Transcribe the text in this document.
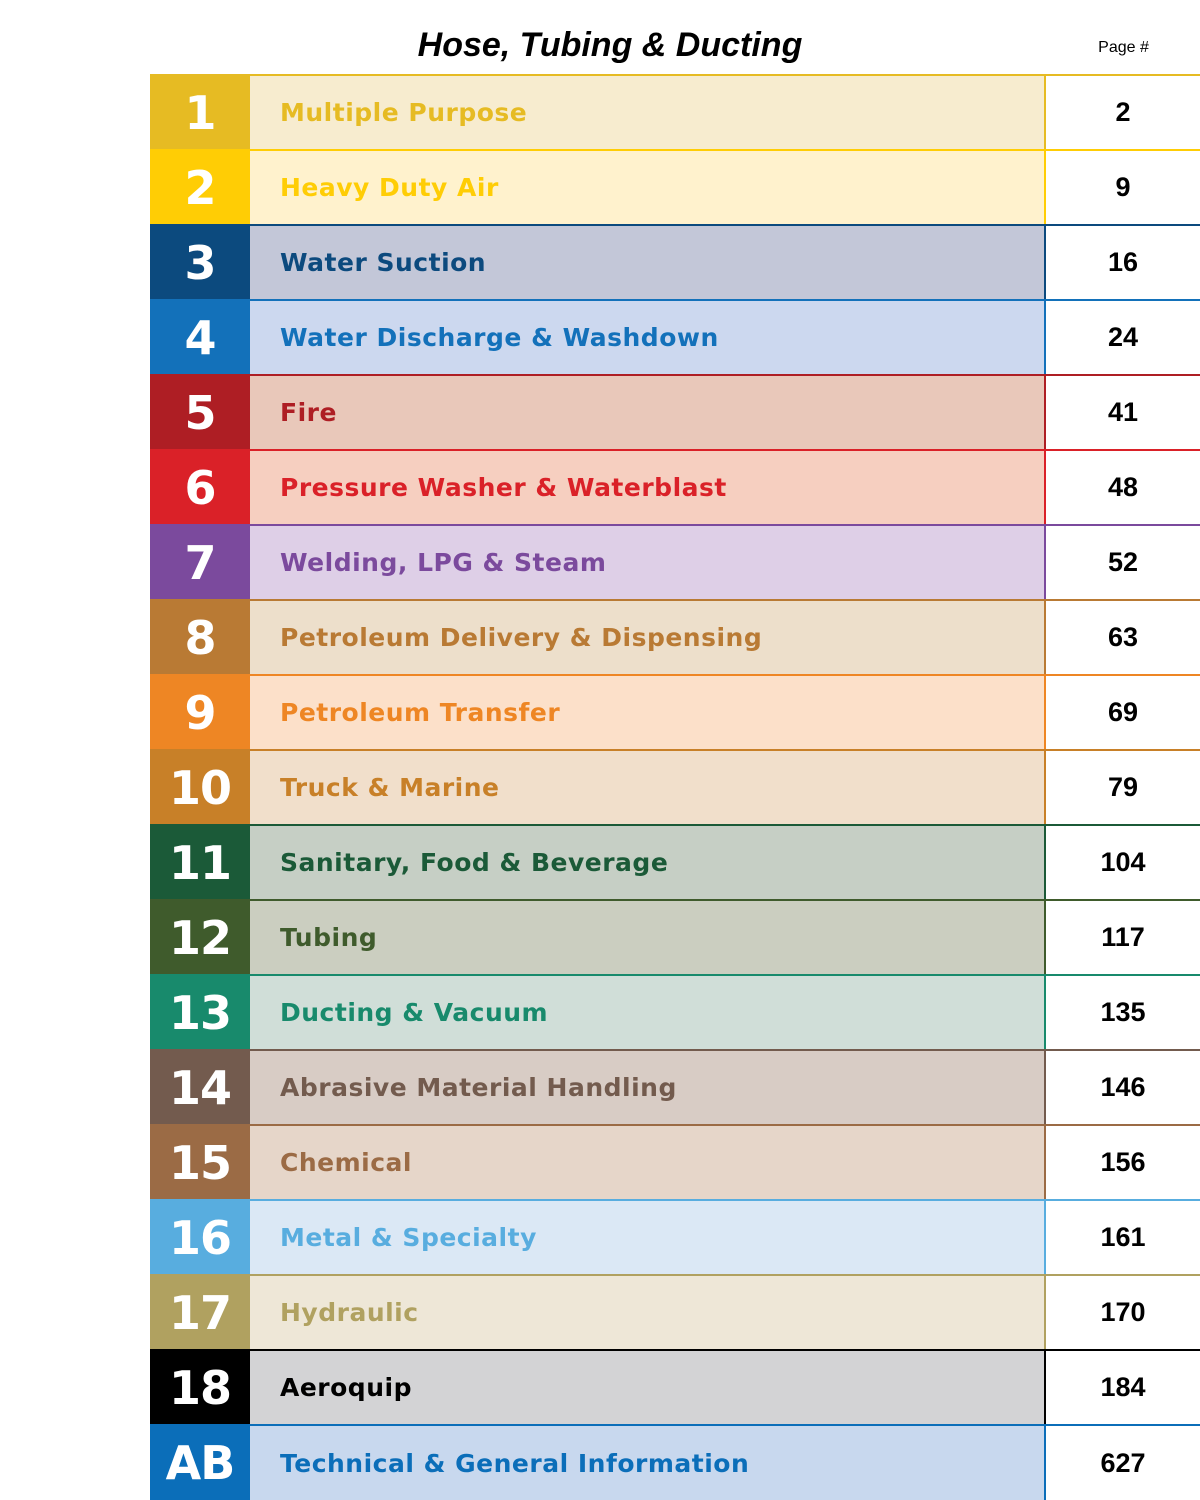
Hose, Tubing & Ducting	Page #
1	Multiple Purpose	2
2	Heavy Duty Air	9
3	Water Suction	16
4	Water Discharge & Washdown	24
5	Fire	41
6	Pressure Washer & Waterblast	48
7	Welding, LPG & Steam	52
8	Petroleum Delivery & Dispensing	63
9	Petroleum Transfer	69
10	Truck & Marine	79
11	Sanitary, Food & Beverage	104
12	Tubing	117
13	Ducting & Vacuum	135
14	Abrasive Material Handling	146
15	Chemical	156
16	Metal & Specialty	161
17	Hydraulic	170
18	Aeroquip	184
AB	Technical & General Information	627
